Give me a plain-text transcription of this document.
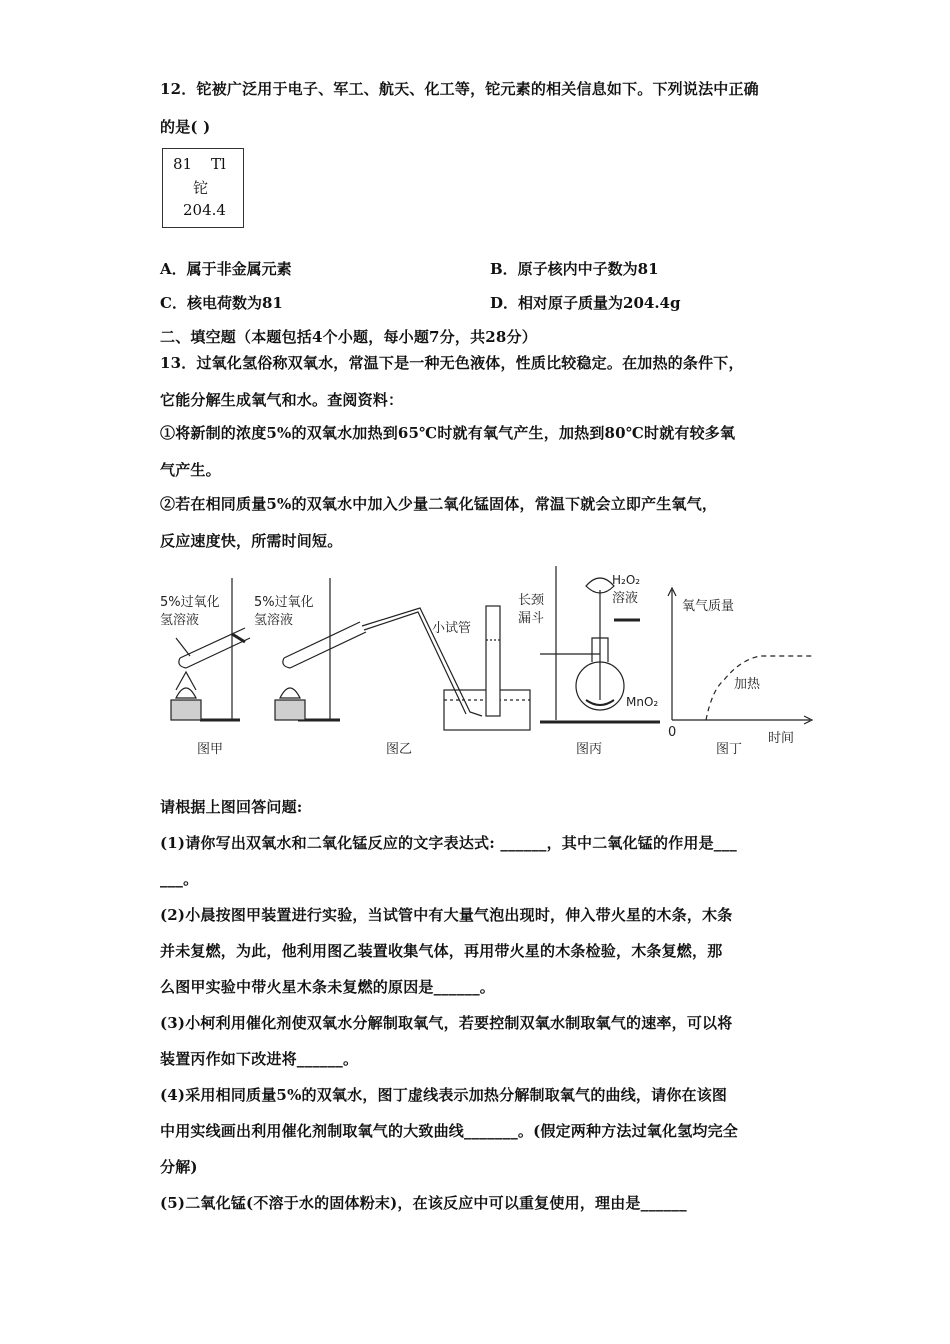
12．铊被广泛用于电子、军工、航天、化工等，铊元素的相关信息如下。下列说法中正确
的是( )
81 Tl
铊
204.4
A．属于非金属元素	B．原子核内中子数为81
C．核电荷数为81	D．相对原子质量为204.4g
二、填空题（本题包括4个小题，每小题7分，共28分）
13．过氧化氢俗称双氧水，常温下是一种无色液体，性质比较稳定。在加热的条件下，
它能分解生成氧气和水。查阅资料：
①将新制的浓度5%的双氧水加热到65℃时就有氧气产生，加热到80℃时就有较多氧
气产生。
②若在相同质量5%的双氧水中加入少量二氧化锰固体，常温下就会立即产生氧气，
反应速度快，所需时间短。
5%过氧化
氢溶液
图甲
5%过氧化
氢溶液
小试管
图乙
长颈
漏斗
H₂O₂
溶液
MnO₂
图丙
氧气质量
加热
0	时间
图丁
请根据上图回答问题:
(1)请你写出双氧水和二氧化锰反应的文字表达式: ______，其中二氧化锰的作用是___
___。
(2)小晨按图甲装置进行实验，当试管中有大量气泡出现时，伸入带火星的木条，木条
并未复燃，为此，他利用图乙装置收集气体，再用带火星的木条检验，木条复燃，那
么图甲实验中带火星木条未复燃的原因是______。
(3)小柯利用催化剂使双氧水分解制取氧气，若要控制双氧水制取氧气的速率，可以将
装置丙作如下改进将______。
(4)采用相同质量5%的双氧水，图丁虚线表示加热分解制取氧气的曲线，请你在该图
中用实线画出利用催化剂制取氧气的大致曲线_______。(假定两种方法过氧化氢均完全
分解)
(5)二氧化锰(不溶于水的固体粉末)，在该反应中可以重复使用，理由是______
